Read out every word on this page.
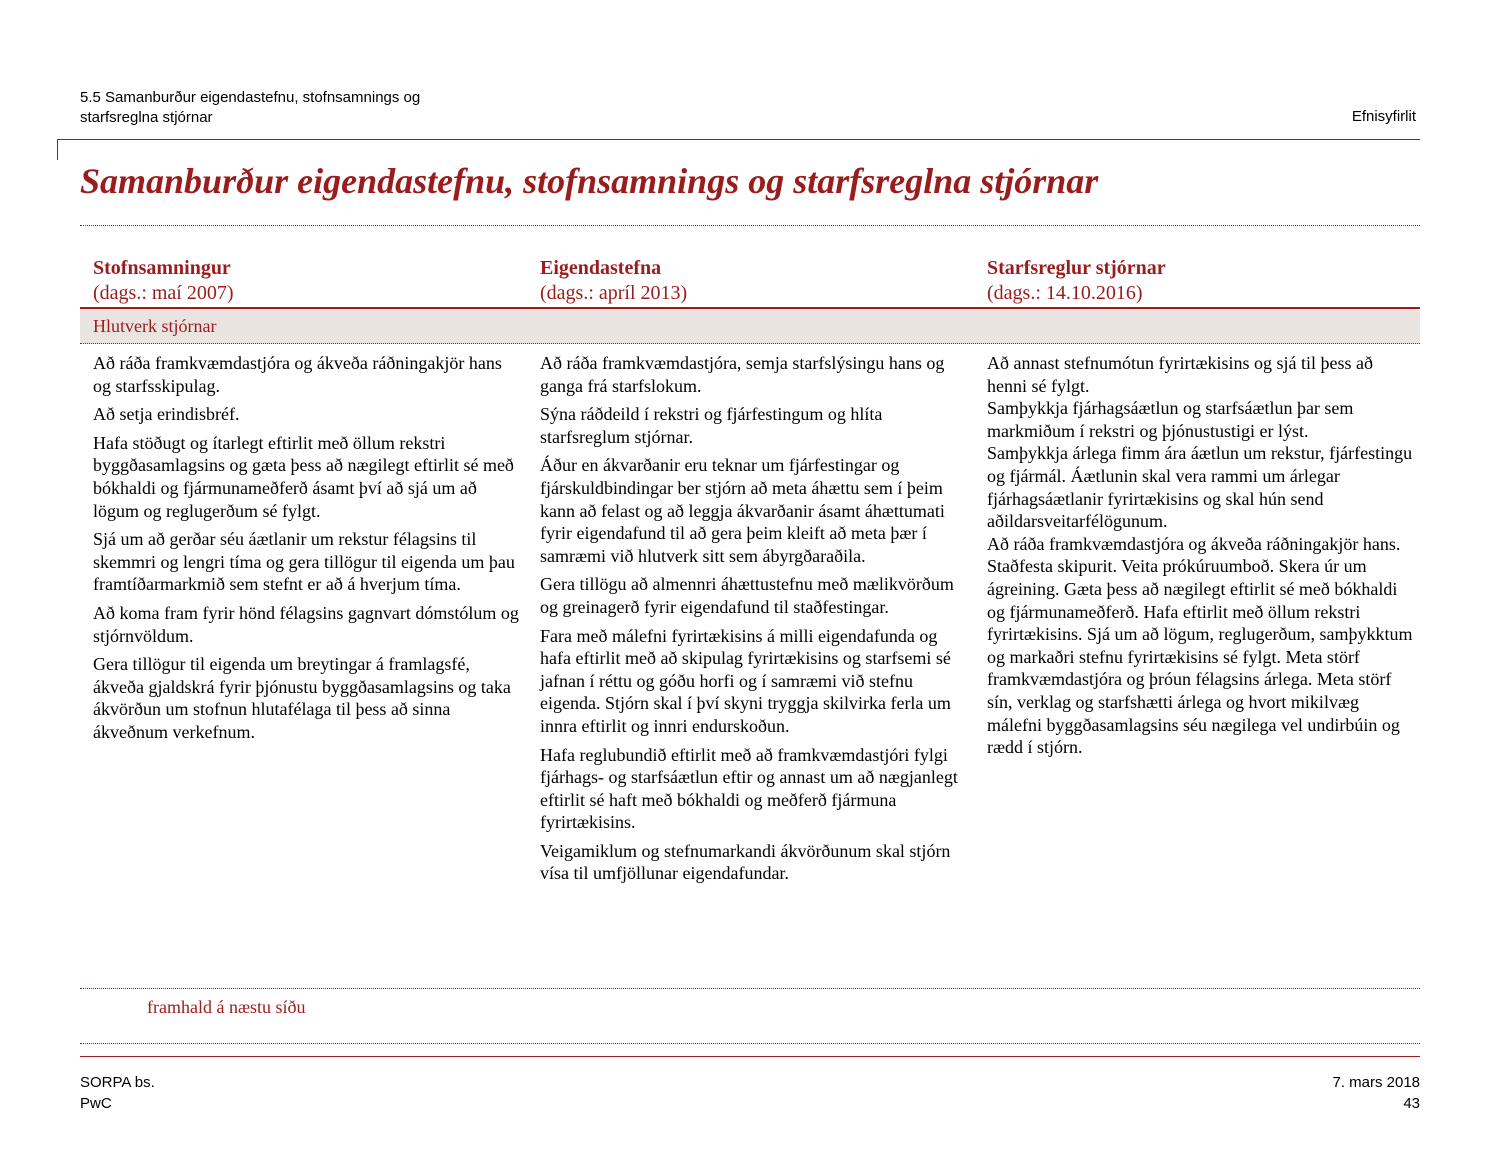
5.5 Samanburður eigendastefnu, stofnsamnings og starfsreglna stjórnar	Efnisyfirlit
Samanburður eigendastefnu, stofnsamnings og starfsreglna stjórnar
Stofnsamningur
(dags.: maí 2007)
Eigendastefna
(dags.: apríl 2013)
Starfsreglur stjórnar
(dags.: 14.10.2016)
Hlutverk stjórnar

Að ráða framkvæmdastjóra og ákveða ráðningakjör hans og starfsskipulag.

Að setja erindisbréf.

Hafa stöðugt og ítarlegt eftirlit með öllum rekstri byggðasamlagsins og gæta þess að nægilegt eftirlit sé með bókhaldi og fjármunameðferð ásamt því að sjá um að lögum og reglugerðum sé fylgt.

Sjá um að gerðar séu áætlanir um rekstur félagsins til skemmri og lengri tíma og gera tillögur til eigenda um þau framtíðarmarkmið sem stefnt er að á hverjum tíma.

Að koma fram fyrir hönd félagsins gagnvart dómstólum og stjórnvöldum.

Gera tillögur til eigenda um breytingar á framlagsfé, ákveða gjaldskrá fyrir þjónustu byggðasamlagsins og taka ákvörðun um stofnun hlutafélaga til þess að sinna ákveðnum verkefnum.

Að ráða framkvæmdastjóra, semja starfslýsingu hans og ganga frá starfslokum.

Sýna ráðdeild í rekstri og fjárfestingum og hlíta starfsreglum stjórnar.

Áður en ákvarðanir eru teknar um fjárfestingar og fjárskuldbindingar ber stjórn að meta áhættu sem í þeim kann að felast og að leggja ákvarðanir ásamt áhættumati fyrir eigendafund til að gera þeim kleift að meta þær í samræmi við hlutverk sitt sem ábyrgðaraðila.

Gera tillögu að almennri áhættustefnu með mælikvörðum og greinagerð fyrir eigendafund til staðfestingar.

Fara með málefni fyrirtækisins á milli eigendafunda og hafa eftirlit með að skipulag fyrirtækisins og starfsemi sé jafnan í réttu og góðu horfi og í samræmi við stefnu eigenda. Stjórn skal í því skyni tryggja skilvirka ferla um innra eftirlit og innri endurskoðun.

Hafa reglubundið eftirlit með að framkvæmdastjóri fylgi fjárhags- og starfsáætlun eftir og annast um að nægjanlegt eftirlit sé haft með bókhaldi og meðferð fjármuna fyrirtækisins.

Veigamiklum og stefnumarkandi ákvörðunum skal stjórn vísa til umfjöllunar eigendafundar.

Að annast stefnumótun fyrirtækisins og sjá til þess að henni sé fylgt.

Samþykkja fjárhagsáætlun og starfsáætlun þar sem markmiðum í rekstri og þjónustustigi er lýst.

Samþykkja árlega fimm ára áætlun um rekstur, fjárfestingu og fjármál. Áætlunin skal vera rammi um árlegar fjárhagsáætlanir fyrirtækisins og skal hún send aðildarsveitarfélögunum.

Að ráða framkvæmdastjóra og ákveða ráðningakjör hans. Staðfesta skipurit. Veita prókúruumboð. Skera úr um ágreining. Gæta þess að nægilegt eftirlit sé með bókhaldi og fjármunameðferð. Hafa eftirlit með öllum rekstri fyrirtækisins. Sjá um að lögum, reglugerðum, samþykktum og markaðri stefnu fyrirtækisins sé fylgt. Meta störf framkvæmdastjóra og þróun félagsins árlega. Meta störf sín, verklag og starfshætti árlega og hvort mikilvæg málefni byggðasamlagsins séu nægilega vel undirbúin og rædd í stjórn.

framhald á næstu síðu
SORPA bs.
PwC
7. mars 2018
43
